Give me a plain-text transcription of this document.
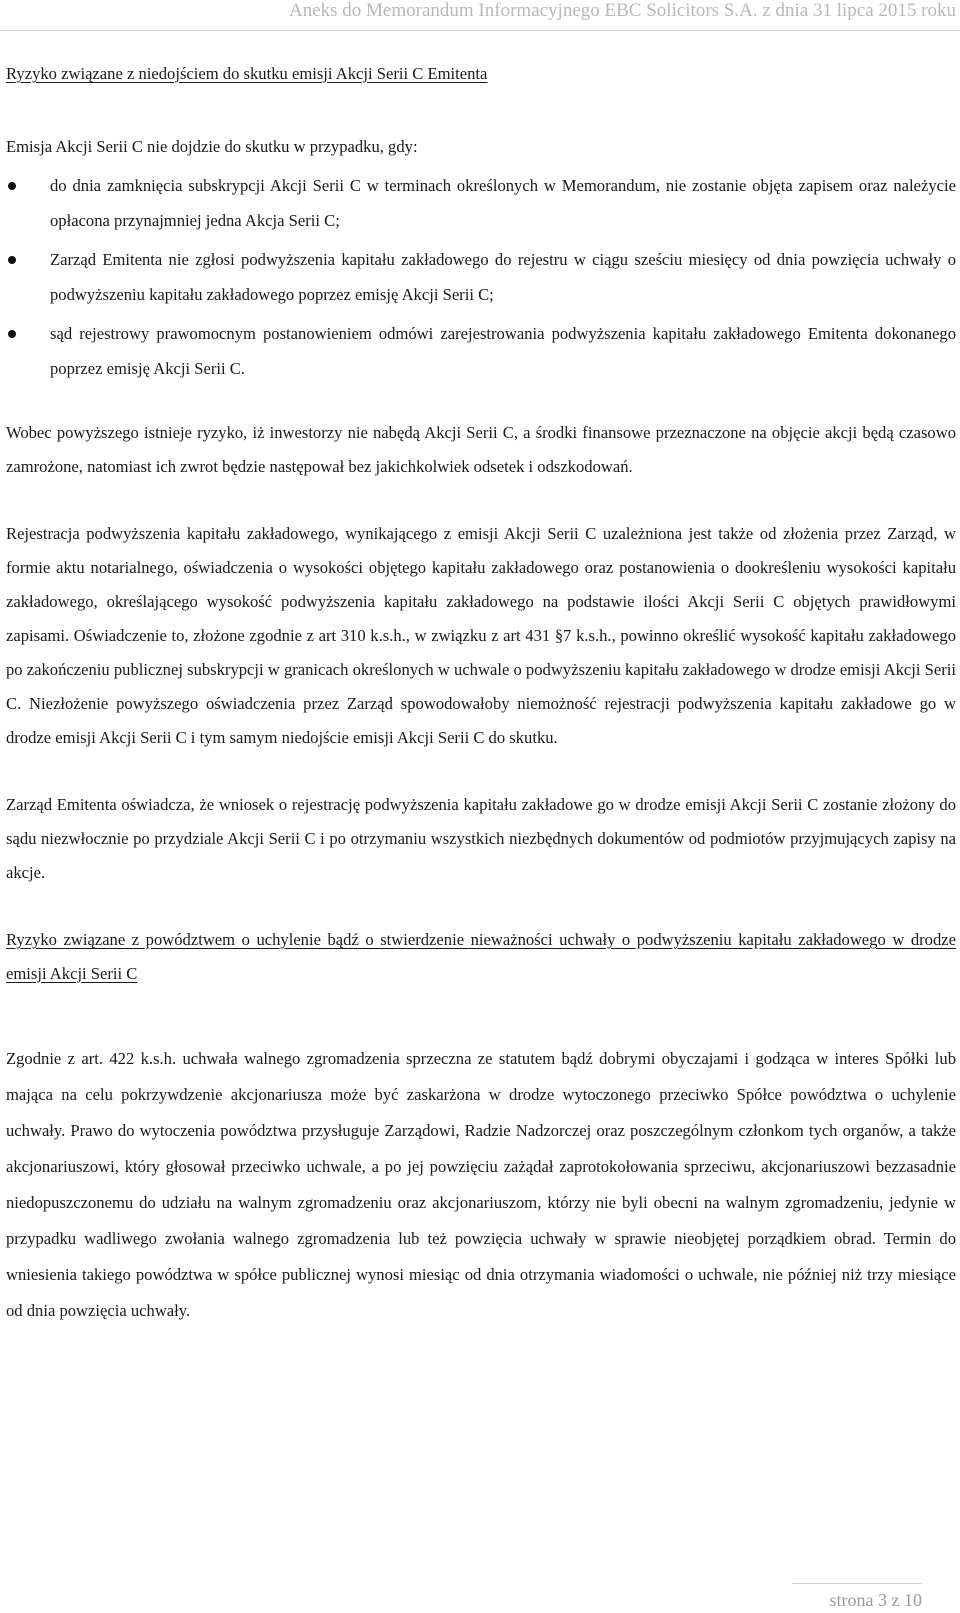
Aneks do Memorandum Informacyjnego EBC Solicitors S.A. z dnia 31 lipca 2015 roku

Ryzyko związane z niedojściem do skutku emisji Akcji Serii C Emitenta

Emisja Akcji Serii C nie dojdzie do skutku w przypadku, gdy:

do dnia zamknięcia subskrypcji Akcji Serii C w terminach określonych w Memorandum, nie zostanie objęta zapisem oraz należycie opłacona przynajmniej jedna Akcja Serii C;
Zarząd Emitenta nie zgłosi podwyższenia kapitału zakładowego do rejestru w ciągu sześciu miesięcy od dnia powzięcia uchwały o podwyższeniu kapitału zakładowego poprzez emisję Akcji Serii C;
sąd rejestrowy prawomocnym postanowieniem odmówi zarejestrowania podwyższenia kapitału zakładowego Emitenta dokonanego poprzez emisję Akcji Serii C.

Wobec powyższego istnieje ryzyko, iż inwestorzy nie nabędą Akcji Serii C, a środki finansowe przeznaczone na objęcie akcji będą czasowo zamrożone, natomiast ich zwrot będzie następował bez jakichkolwiek odsetek i odszkodowań.

Rejestracja podwyższenia kapitału zakładowego, wynikającego z emisji Akcji Serii C uzależniona jest także od złożenia przez Zarząd, w formie aktu notarialnego, oświadczenia o wysokości objętego kapitału zakładowego oraz postanowienia o dookreśleniu wysokości kapitału zakładowego, określającego wysokość podwyższenia kapitału zakładowego na podstawie ilości Akcji Serii C objętych prawidłowymi zapisami. Oświadczenie to, złożone zgodnie z art 310 k.s.h., w związku z art 431 §7 k.s.h., powinno określić wysokość kapitału zakładowego po zakończeniu publicznej subskrypcji w granicach określonych w uchwale o podwyższeniu kapitału zakładowego w drodze emisji Akcji Serii C. Niezłożenie powyższego oświadczenia przez Zarząd spowodowałoby niemożność rejestracji podwyższenia kapitału zakładowe go w drodze emisji Akcji Serii C i tym samym niedojście emisji Akcji Serii C do skutku.

Zarząd Emitenta oświadcza, że wniosek o rejestrację podwyższenia kapitału zakładowe go w drodze emisji Akcji Serii C zostanie złożony do sądu niezwłocznie po przydziale Akcji Serii C i po otrzymaniu wszystkich niezbędnych dokumentów od podmiotów przyjmujących zapisy na akcje.

Ryzyko związane z powództwem o uchylenie bądź o stwierdzenie nieważności uchwały o podwyższeniu kapitału zakładowego w drodze emisji Akcji Serii C

Zgodnie z art. 422 k.s.h. uchwała walnego zgromadzenia sprzeczna ze statutem bądź dobrymi obyczajami i godząca w interes Spółki lub mająca na celu pokrzywdzenie akcjonariusza może być zaskarżona w drodze wytoczonego przeciwko Spółce powództwa o uchylenie uchwały. Prawo do wytoczenia powództwa przysługuje Zarządowi, Radzie Nadzorczej oraz poszczególnym członkom tych organów, a także akcjonariuszowi, który głosował przeciwko uchwale, a po jej powzięciu zażądał zaprotokołowania sprzeciwu, akcjonariuszowi bezzasadnie niedopuszczonemu do udziału na walnym zgromadzeniu oraz akcjonariuszom, którzy nie byli obecni na walnym zgromadzeniu, jedynie w przypadku wadliwego zwołania walnego zgromadzenia lub też powzięcia uchwały w sprawie nieobjętej porządkiem obrad. Termin do wniesienia takiego powództwa w spółce publicznej wynosi miesiąc od dnia otrzymania wiadomości o uchwale, nie później niż trzy miesiące od dnia powzięcia uchwały.

strona 3 z 10
